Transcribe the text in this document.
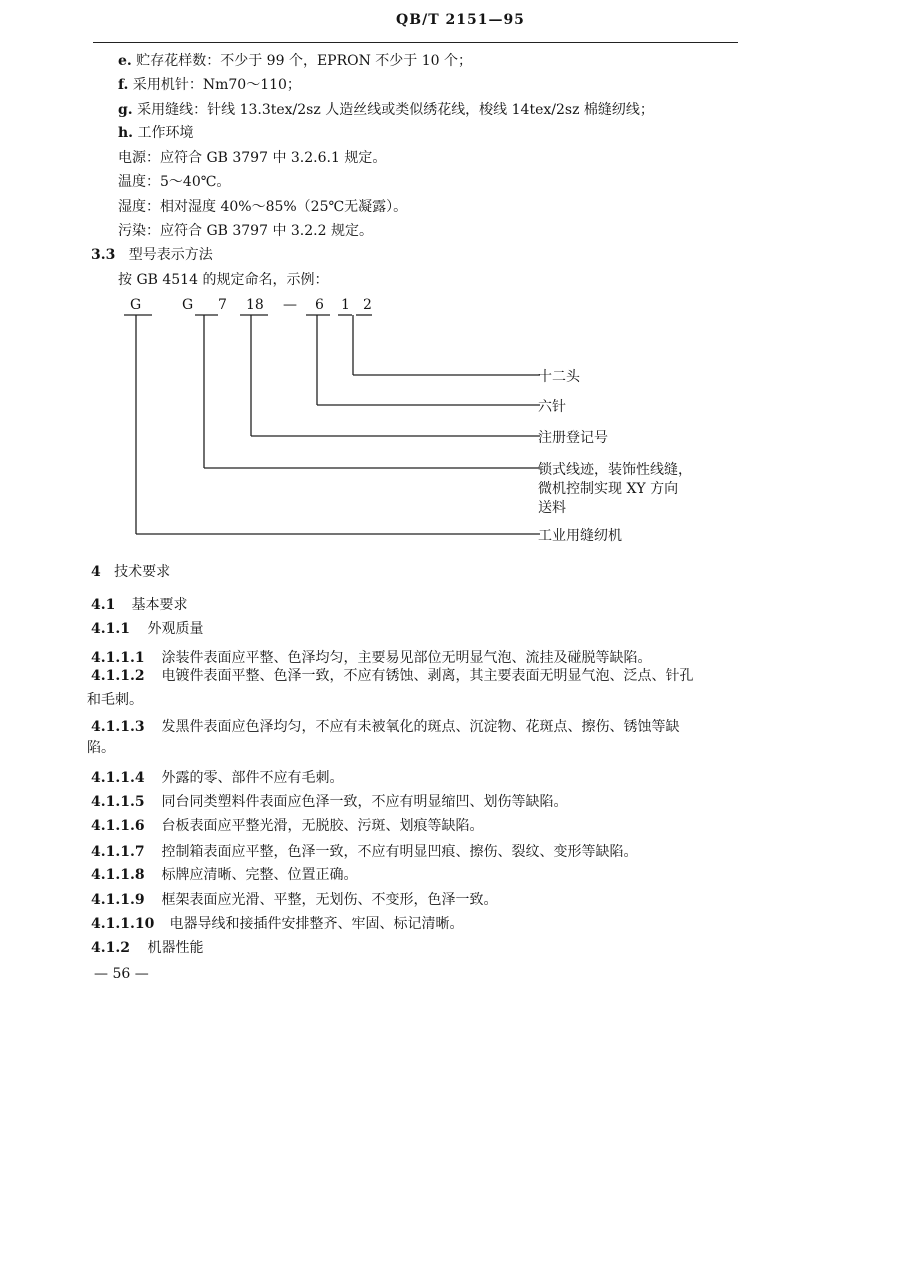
QB/T 2151—95
e. 贮存花样数：不少于 99 个，EPRON 不少于 10 个；
f. 采用机针：Nm70～110；
g. 采用缝线：针线 13.3tex/2sz 人造丝线或类似绣花线，梭线 14tex/2sz 棉缝纫线；
h. 工作环境
电源：应符合 GB 3797 中 3.2.6.1 规定。
温度：5～40℃。
湿度：相对湿度 40%～85%（25℃无凝露）。
污染：应符合 GB 3797 中 3.2.2 规定。
3.3 型号表示方法
按 GB 4514 的规定命名，示例：
G	G 7 18 — 6 1 2
十二头
六针
注册登记号
锁式线迹，装饰性线缝，
微机控制实现 XY 方向
送料
工业用缝纫机
4 技术要求
4.1 基本要求
4.1.1 外观质量
4.1.1.1 涂装件表面应平整、色泽均匀，主要易见部位无明显气泡、流挂及碰脱等缺陷。
4.1.1.2 电镀件表面平整、色泽一致，不应有锈蚀、剥离，其主要表面无明显气泡、泛点、针孔
和毛刺。
4.1.1.3 发黑件表面应色泽均匀，不应有未被氧化的斑点、沉淀物、花斑点、擦伤、锈蚀等缺
陷。
4.1.1.4 外露的零、部件不应有毛刺。
4.1.1.5 同台同类塑料件表面应色泽一致，不应有明显缩凹、划伤等缺陷。
4.1.1.6 台板表面应平整光滑，无脱胶、污斑、划痕等缺陷。
4.1.1.7 控制箱表面应平整，色泽一致，不应有明显凹痕、擦伤、裂纹、变形等缺陷。
4.1.1.8 标牌应清晰、完整、位置正确。
4.1.1.9 框架表面应光滑、平整，无划伤、不变形，色泽一致。
4.1.1.10 电器导线和接插件安排整齐、牢固、标记清晰。
4.1.2 机器性能
— 56 —
